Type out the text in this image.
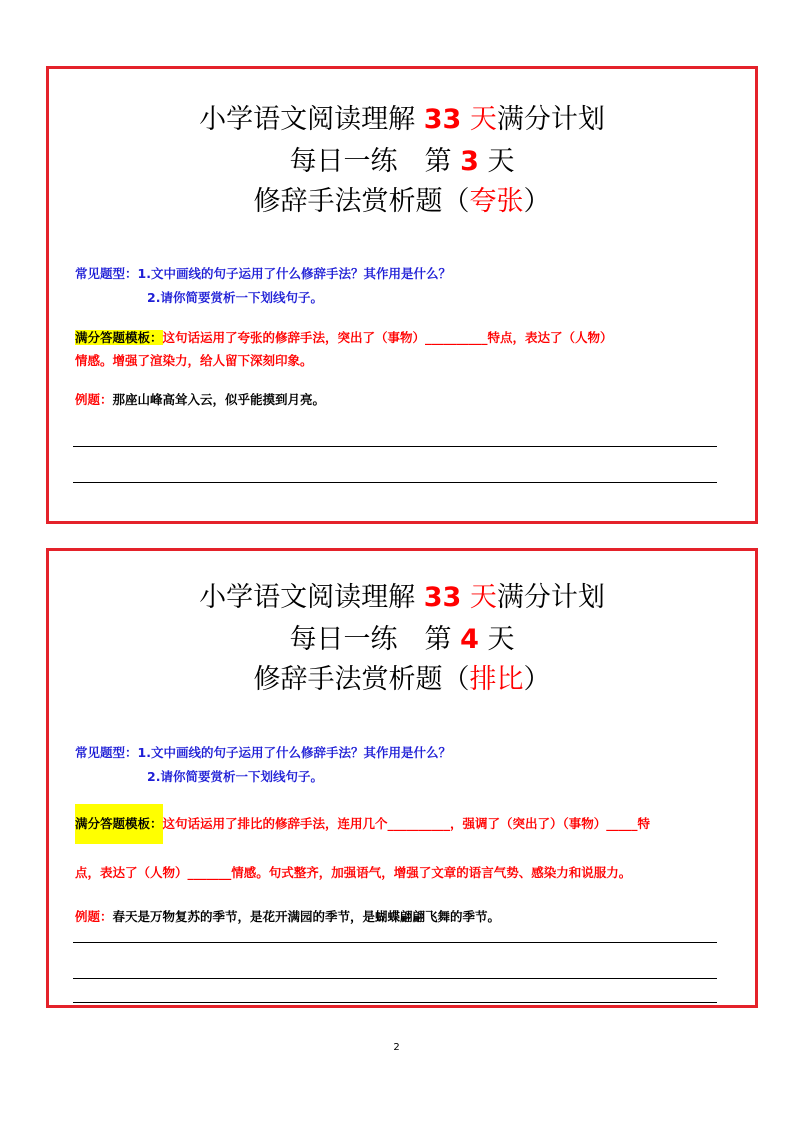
小学语文阅读理解 33 天满分计划
每日一练　第 3 天
修辞手法赏析题（夸张）
常见题型：1.文中画线的句子运用了什么修辞手法？其作用是什么？
2.请你简要赏析一下划线句子。
满分答题模板：这句话运用了夸张的修辞手法，突出了（事物）__________特点，表达了（人物）
情感。增强了渲染力，给人留下深刻印象。
例题：那座山峰高耸入云，似乎能摸到月亮。
小学语文阅读理解 33 天满分计划
每日一练　第 4 天
修辞手法赏析题（排比）
常见题型：1.文中画线的句子运用了什么修辞手法？其作用是什么？
2.请你简要赏析一下划线句子。
满分答题模板：这句话运用了排比的修辞手法，连用几个__________，强调了（突出了）（事物）_____特
点，表达了（人物）_______情感。句式整齐，加强语气，增强了文章的语言气势、感染力和说服力。
例题：春天是万物复苏的季节，是花开满园的季节，是蝴蝶翩翩飞舞的季节。
2
